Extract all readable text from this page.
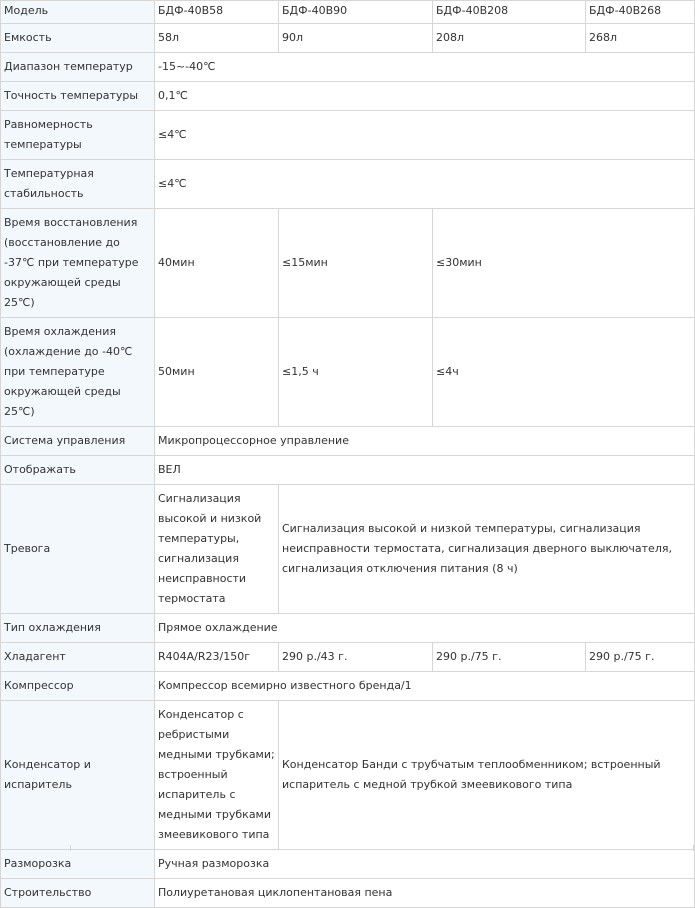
Модель	БДФ-40В58	БДФ-40В90	БДФ-40В208	БДФ-40В268
Емкость	58л	90л	208л	268л
Диапазон температур	-15~-40℃			
Точность температуры	0,1℃			
Равномерность температуры	≤4℃			
Температурная стабильность	≤4℃			
Время восстановления (восстановление до -37℃ при температуре окружающей среды 25℃)	40мин	≤15мин	≤30мин	
Время охлаждения (охлаждение до -40℃ при температуре окружающей среды 25℃)	50мин	≤1,5 ч	≤4ч	
Система управления	Микропроцессорное управление			
Отображать	ВЕЛ			
Тревога	Сигнализация высокой и низкой температуры, сигнализация неисправности термостата	Сигнализация высокой и низкой температуры, сигнализация неисправности термостата, сигнализация дверного выключателя, сигнализация отключения питания (8 ч)		
Тип охлаждения	Прямое охлаждение			
Хладагент	R404A/R23/150г	290 р./43 г.	290 р./75 г.	290 р./75 г.
Компрессор	Компрессор всемирно известного бренда/1			
Конденсатор и испаритель	Конденсатор с ребристыми медными трубками; встроенный испаритель с медными трубками змеевикового типа	Конденсатор Банди с трубчатым теплообменником; встроенный испаритель с медной трубкой змеевикового типа		
Разморозка	Ручная разморозка			
Строительство	Полиуретановая циклопентановая пена			
